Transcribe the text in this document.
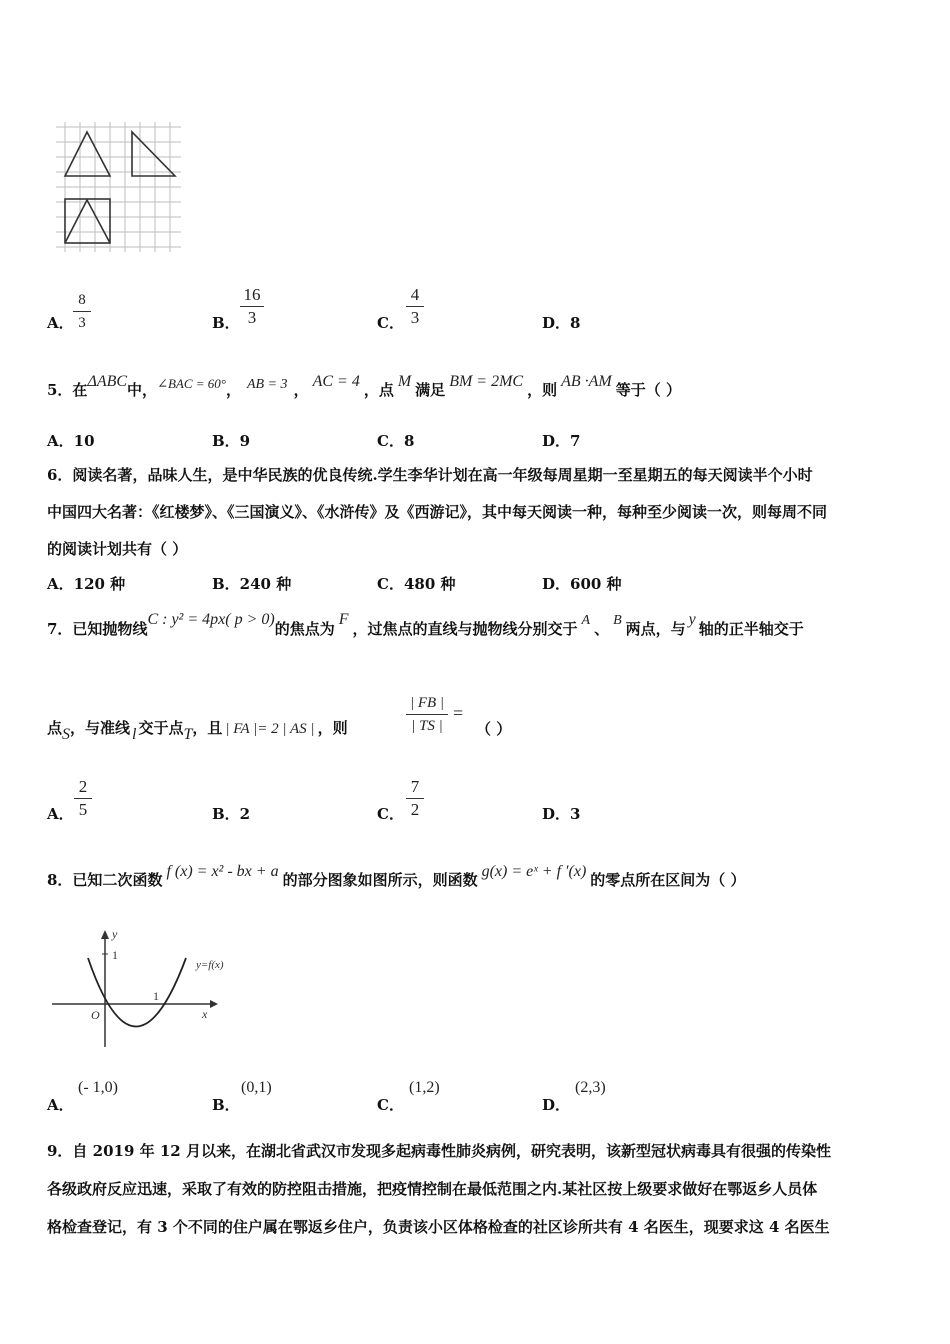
A．
8
3	B．
16
3	C．
4
3	D．8
5．在ΔABC中，∠BAC = 60°， AB = 3 ， AC = 4 ，点 M 满足 BM = 2MC ，则 AB ·AM 等于（ ）
A．10	B．9	C．8	D．7
6．阅读名著，品味人生，是中华民族的优良传统.学生李华计划在高一年级每周星期一至星期五的每天阅读半个小时
中国四大名著：《红楼梦》、《三国演义》、《水浒传》及《西游记》，其中每天阅读一种，每种至少阅读一次，则每周不同
的阅读计划共有（ ）
A．120 种	B．240 种	C．480 种	D．600 种
7．已知抛物线C : y² = 4px( p > 0)的焦点为F，过焦点的直线与抛物线分别交于 A 、 B 两点，与y轴的正半轴交于
点S，与准线 l 交于点T，且 | FA |= 2 | AS | ，则
| FB |
| TS |
=
（ ）
A．
2
5	B．2	C．
7
2	D．3
8．已知二次函数 f (x) = x² - bx + a 的部分图象如图所示，则函数 g(x) = eˣ + f ′(x) 的零点所在区间为（ ）
y
1
1
O	x
y=f(x)
A．
(- 1,0)
B．
(0,1)
C．
(1,2)
D．
(2,3)
9．自 2019 年 12 月以来，在湖北省武汉市发现多起病毒性肺炎病例，研究表明，该新型冠状病毒具有很强的传染性
各级政府反应迅速，采取了有效的防控阻击措施，把疫情控制在最低范围之内.某社区按上级要求做好在鄂返乡人员体
格检查登记，有 3 个不同的住户属在鄂返乡住户，负责该小区体格检查的社区诊所共有 4 名医生，现要求这 4 名医生
